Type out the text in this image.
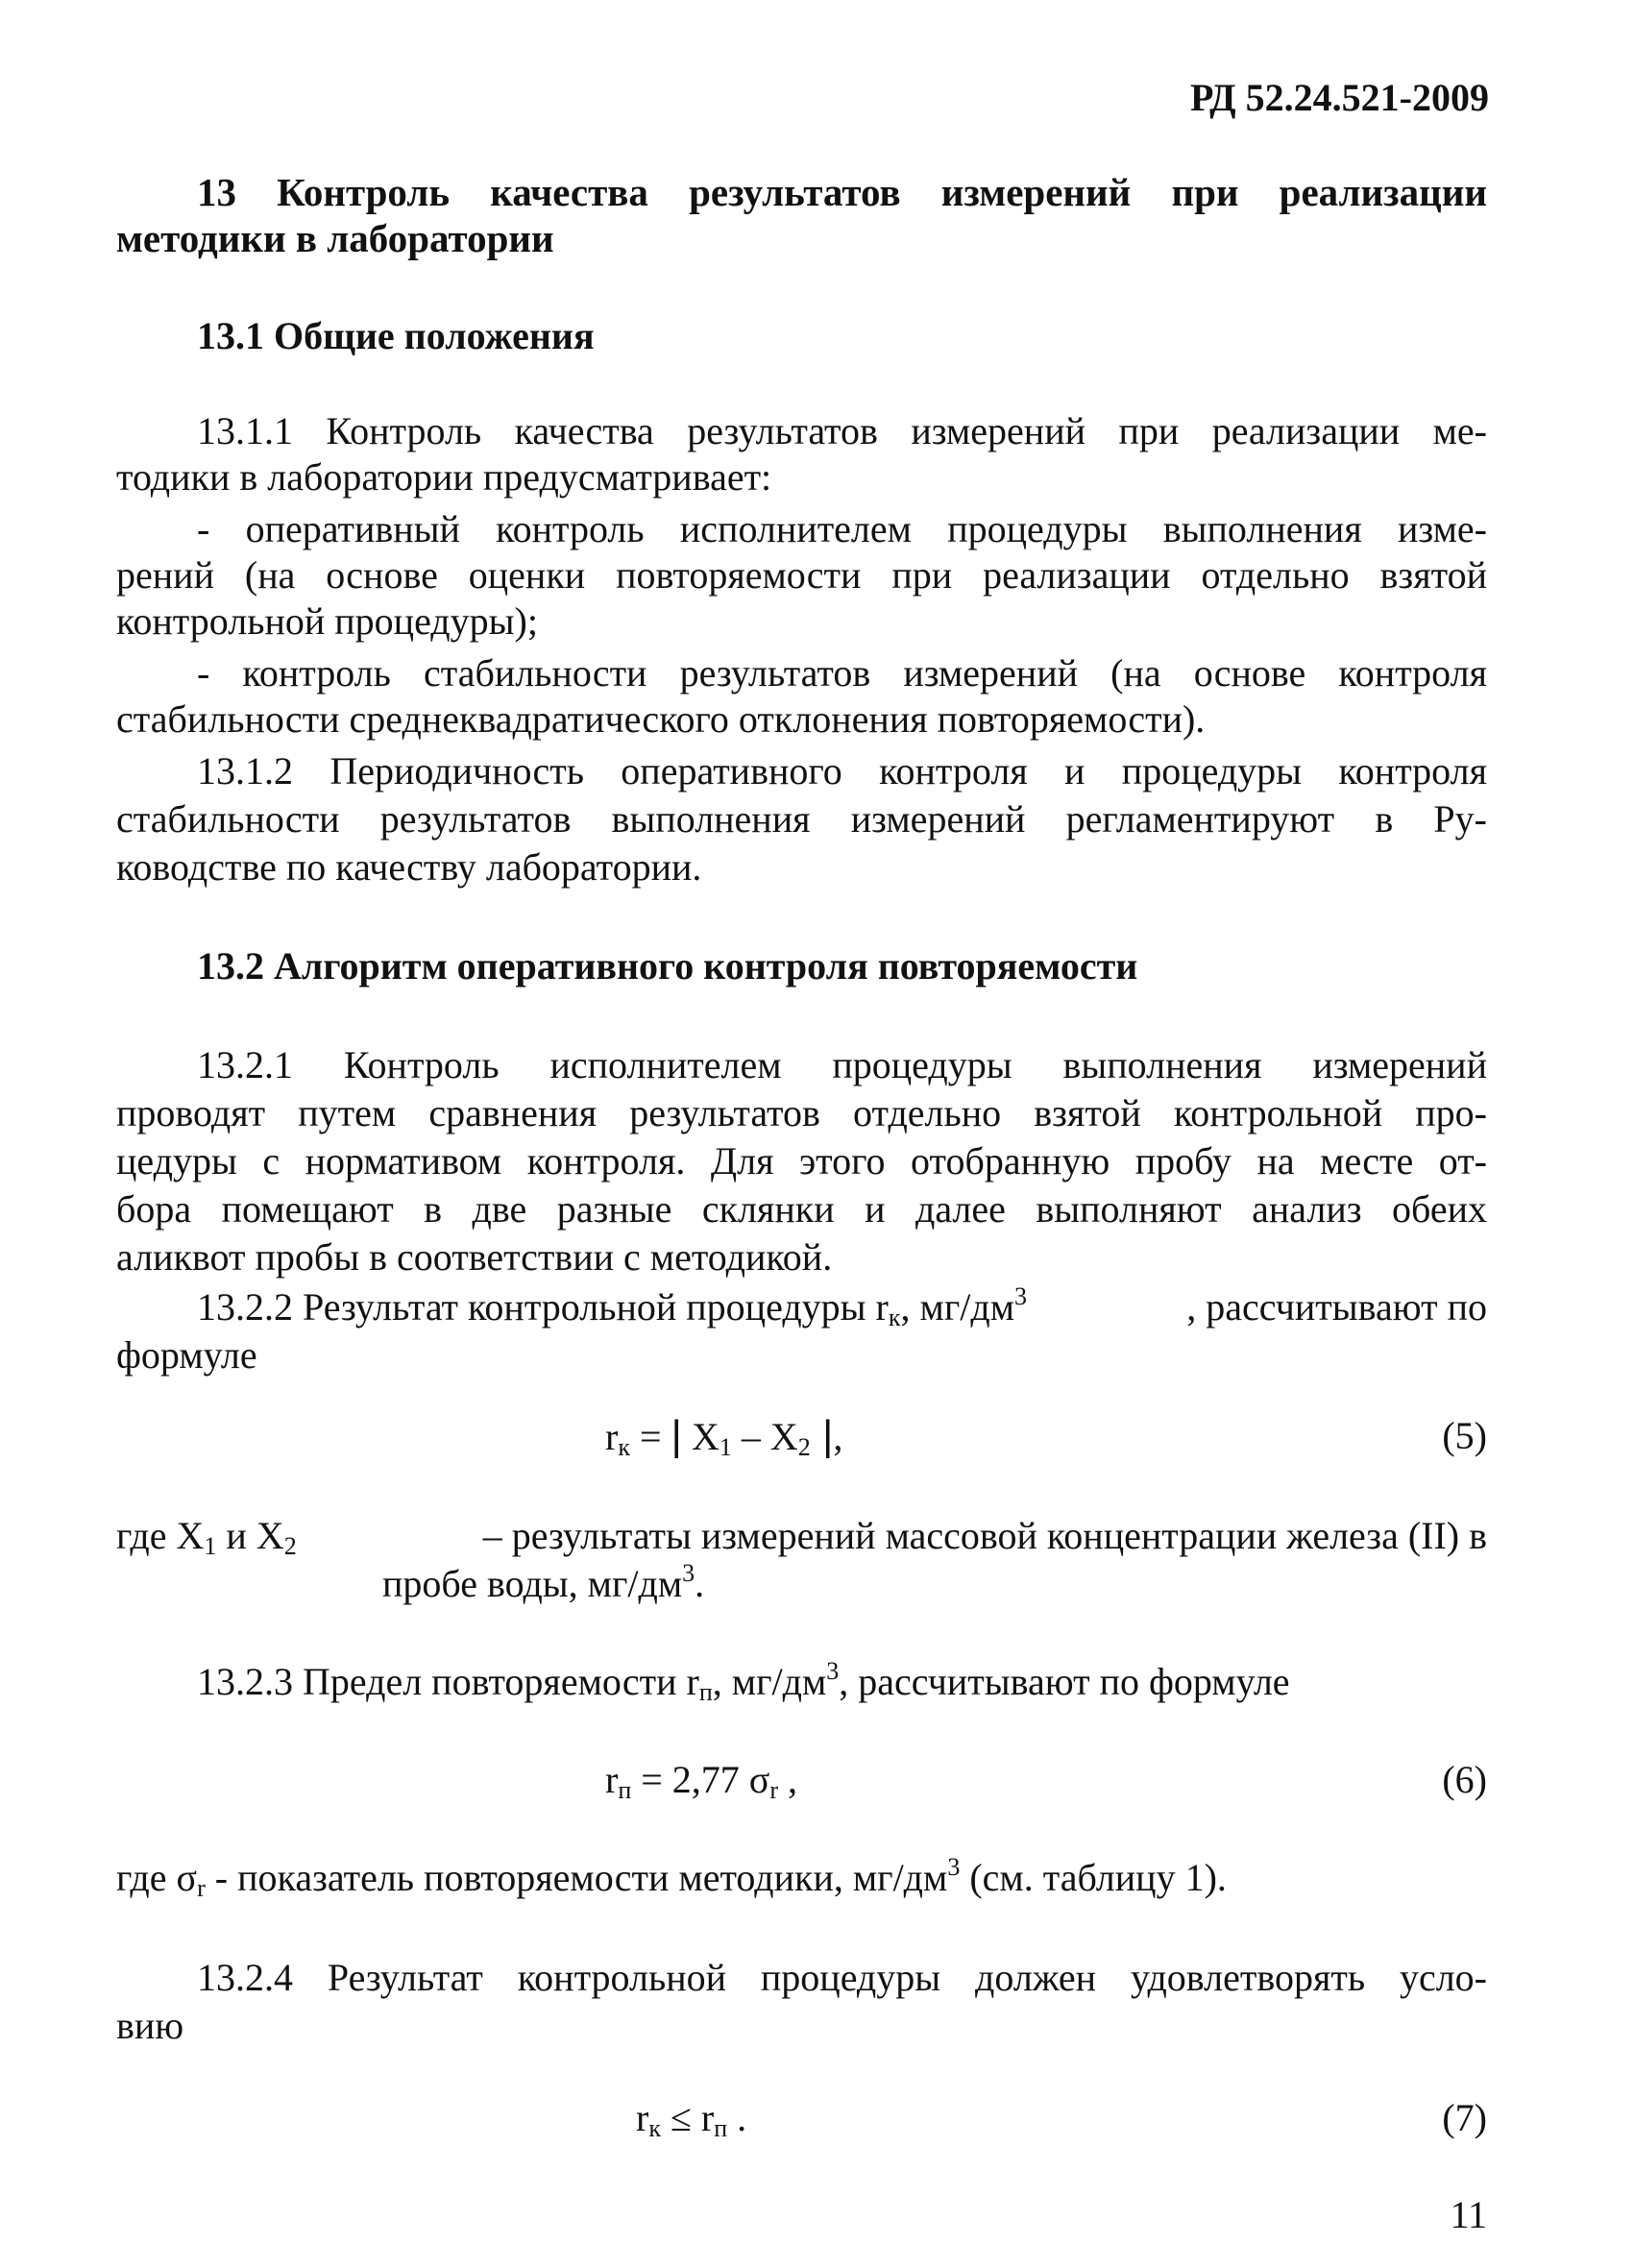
РД 52.24.521-2009
13 Контроль качества результатов измерений при реализации
методики в лаборатории
13.1 Общие положения
13.1.1 Контроль качества результатов измерений при реализации ме-
тодики в лаборатории предусматривает:
- оперативный контроль исполнителем процедуры выполнения изме-
рений (на основе оценки повторяемости при реализации отдельно взятой
контрольной процедуры);
- контроль стабильности результатов измерений (на основе контроля
стабильности среднеквадратического отклонения повторяемости).
13.1.2 Периодичность оперативного контроля и процедуры контроля
стабильности результатов выполнения измерений регламентируют в Ру-
ководстве по качеству лаборатории.
13.2 Алгоритм оперативного контроля повторяемости
13.2.1 Контроль исполнителем процедуры выполнения измерений
проводят путем сравнения результатов отдельно взятой контрольной про-
цедуры с нормативом контроля. Для этого отобранную пробу на месте от-
бора помещают в две разные склянки и далее выполняют анализ обеих
аликвот пробы в соответствии с методикой.
13.2.2 Результат контрольной процедуры $r_к$, $мг/дм^3$	, рассчитывают по
формуле
$r_к$ = | $X_1 - X_2$ |,	(5)
где $X_1$ и $X_2$	– результаты измерений массовой концентрации железа (II) в
пробе воды, $мг/дм^3$.
13.2.3 Предел повторяемости $r_п$, $мг/дм^3$, рассчитывают по формуле
$r_п = 2,77$ $\sigma_r$ ,	(6)
где $\sigma_r$ - показатель повторяемости методики, $мг/дм^3$ (см. таблицу 1).
13.2.4 Результат контрольной процедуры должен удовлетворять усло-
вию
$r_к \le r_п$ .	(7)
11
